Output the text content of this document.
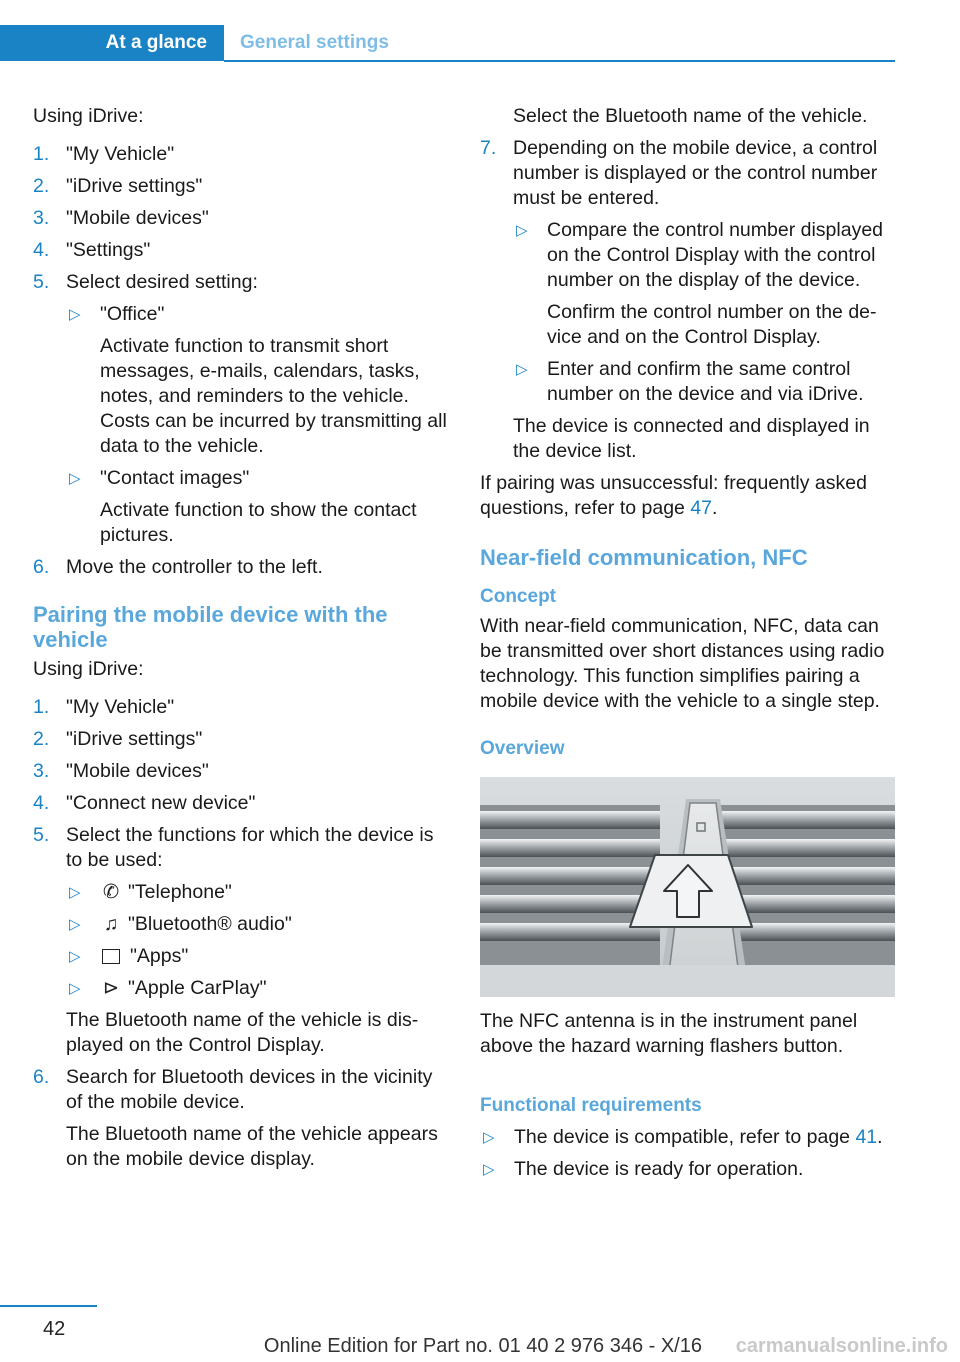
At a glance	General settings

Using iDrive:

1. "My Vehicle"
2. "iDrive settings"
3. "Mobile devices"
4. "Settings"
5. Select desired setting:
▷ "Office"

Activate function to transmit short messages, e-mails, calendars, tasks, notes, and reminders to the vehicle. Costs can be incurred by transmitting all data to the vehicle.

▷ "Contact images"

Activate function to show the contact pictures.

6. Move the controller to the left.
Pairing the mobile device with the vehicle

Using iDrive:

1. "My Vehicle"
2. "iDrive settings"
3. "Mobile devices"
4. "Connect new device"
5. Select the functions for which the device is to be used:
▷ ✆ "Telephone"
▷ ♫ "Bluetooth® audio"
▷	"Apps"
▷ ⊳ "Apple CarPlay"

The Bluetooth name of the vehicle is dis-played on the Control Display.

6. Search for Bluetooth devices in the vicinity of the mobile device.

The Bluetooth name of the vehicle appears on the mobile device display.

Select the Bluetooth name of the vehicle.

7. Depending on the mobile device, a control number is displayed or the control number must be entered.
▷ Compare the control number displayed on the Control Display with the control number on the display of the device.

Confirm the control number on the de-vice and on the Control Display.

▷ Enter and confirm the same control number on the device and via iDrive.

The device is connected and displayed in the device list.

If pairing was unsuccessful: frequently asked questions, refer to page 47.

Near-field communication, NFC
Concept

With near-field communication, NFC, data can be transmitted over short distances using radio technology. This function simplifies pairing a mobile device with the vehicle to a single step.

Overview

The NFC antenna is in the instrument panel above the hazard warning flashers button.

Functional requirements
▷ The device is compatible, refer to page 41.
▷ The device is ready for operation.
42
Online Edition for Part no. 01 40 2 976 346 - X/16 carmanualsonline.info
